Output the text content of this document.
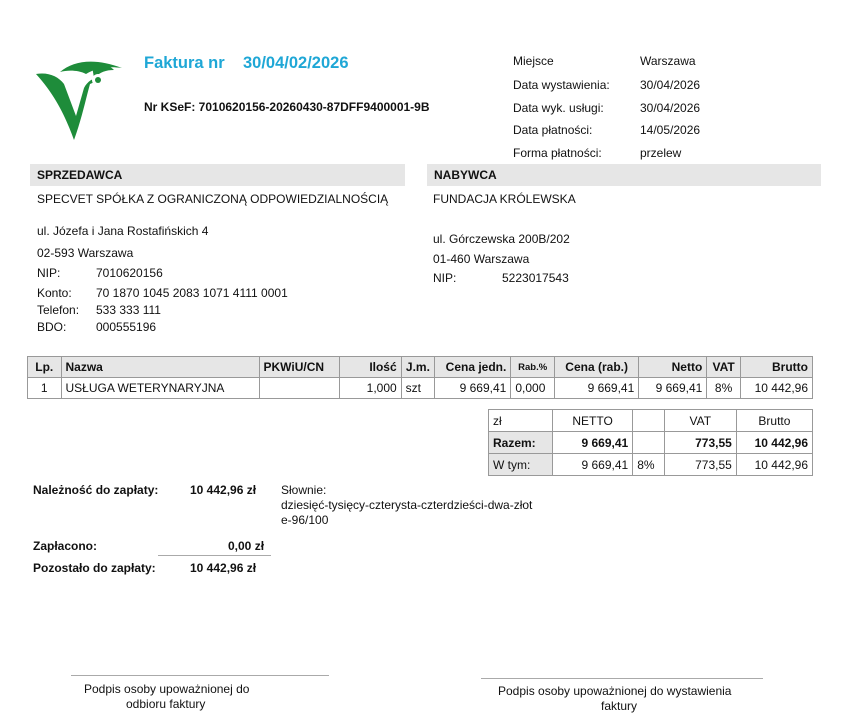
Faktura nr 30/04/02/2026
Nr KSeF: 7010620156-20260430-87DFF9400001-9B
Miejsce	Warszawa
Data wystawienia:	30/04/2026
Data wyk. usługi:	30/04/2026
Data płatności:	14/05/2026
Forma płatności:	przelew
SPRZEDAWCA
SPECVET SPÓŁKA Z OGRANICZONĄ ODPOWIEDZIALNOŚCIĄ
ul. Józefa i Jana Rostafińskich 4
02-593 Warszawa
NIP:	7010620156
Konto: 70 1870 1045 2083 1071 4111 0001
Telefon: 533 333 111
BDO: 000555196
NABYWCA
FUNDACJA KRÓLEWSKA
ul. Górczewska 200B/202
01-460 Warszawa
NIP:	5223017543
Lp.	Nazwa	PKWiU/CN	Ilość	J.m.	Cena jedn.	Rab.%	Cena (rab.)	Netto	VAT	Brutto
1	USŁUGA WETERYNARYJNA		1,000	szt	9 669,41	0,000	9 669,41	9 669,41	8%	10 442,96
zł	NETTO		VAT	Brutto
Razem:	9 669,41		773,55	10 442,96
W tym:	9 669,41	8%	773,55	10 442,96
Należność do zapłaty:	10 442,96 zł Słownie:
dziesięć-tysięcy-czterysta-czterdzieści-dwa-złot
e-96/100
Zapłacono:	0,00 zł
Pozostało do zapłaty:	10 442,96 zł
Podpis osoby upoważnionej do
odbioru faktury
Podpis osoby upoważnionej do wystawienia
faktury
